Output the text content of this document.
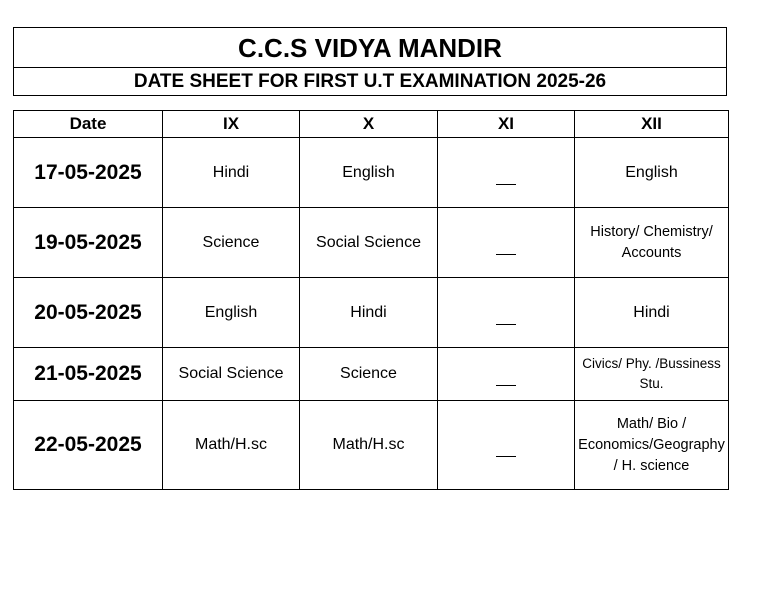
C.C.S VIDYA MANDIR
DATE SHEET FOR FIRST U.T EXAMINATION 2025-26
Date	IX	X	XI	XII
17-05-2025	Hindi	English		English
19-05-2025	Science	Social Science		History/ Chemistry/ Accounts
20-05-2025	English	Hindi		Hindi
21-05-2025	Social Science	Science		Civics/ Phy. /Bussiness Stu.
22-05-2025	Math/H.sc	Math/H.sc		Math/ Bio / Economics/Geography / H. science
